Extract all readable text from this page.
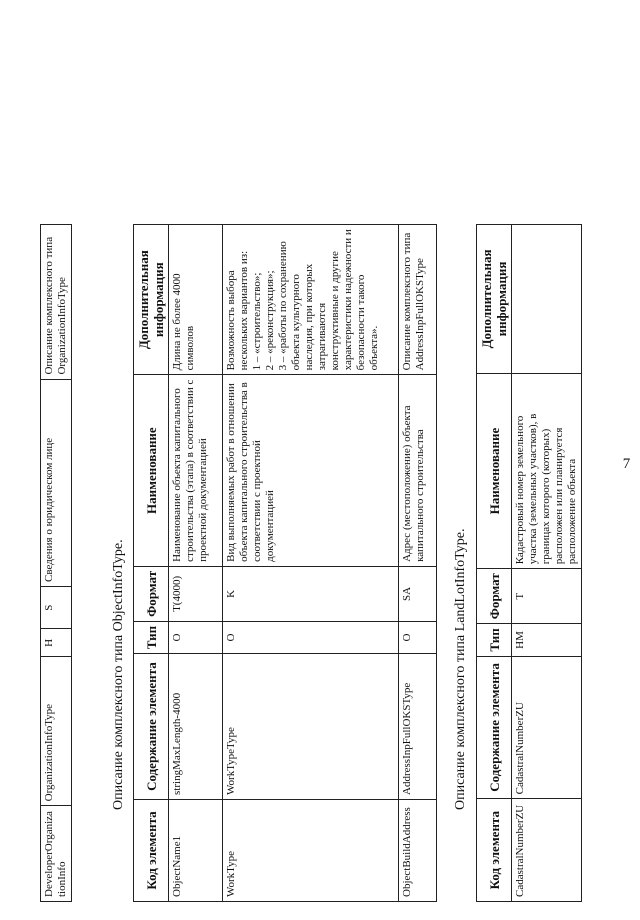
7
DeveloperOrganizationInfo	OrganizationInfoType	Н	S	Сведения о юридическом лице	Описание комплексного типа OrganizationInfoType
Описание комплексного типа ObjectInfoType.
Код элемента	Содержание элемента	Тип	Формат	Наименование	Дополнительная информация
ObjectName1	stringMaxLength-4000	О	T(4000)	Наименование объекта капитального строительства (этапа) в соответствии с проектной документацией	Длина не более 4000 символов
WorkType	WorkTypeType	О	K	Вид выполняемых работ в отношении объекта капитального строительства в соответствии с проектной документацией	Возможность выбора нескольких вариантов из:
1 – «строительство»;
2 – «реконструкция»;
3 – «работы по сохранению объекта культурного наследия, при которых затрагиваются конструктивные и другие характеристики надежности и безопасности такого объекта».
ObjectBuildAddress	AddressInpFullOKSType	О	SA	Адрес (местоположение) объекта капитального строительства	Описание комплексного типа AddressInpFullOKSType
Описание комплексного типа LandLotInfoType.
Код элемента	Содержание элемента	Тип	Формат	Наименование	Дополнительная информация
CadastralNumberZU	CadastralNumberZU	НМ	T	Кадастровый номер земельного участка (земельных участков), в границах которого (которых) расположен или планируется расположение объекта	
